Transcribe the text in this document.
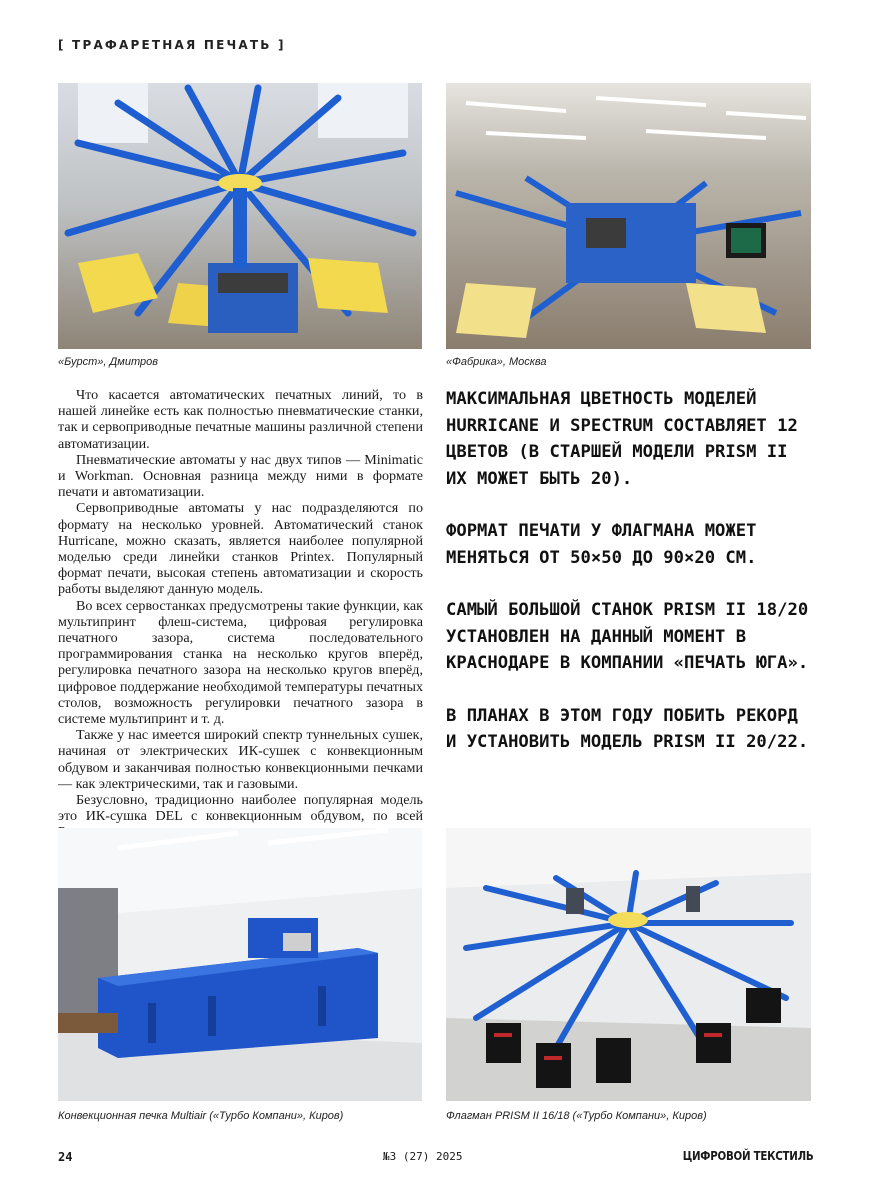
[ ТРАФАРЕТНАЯ ПЕЧАТЬ ]
«Бурст», Дмитров	«Фабрика», Москва

Что касается автоматических печатных линий, то в нашей линейке есть как полностью пневматические станки, так и сервоприводные печатные машины различной степени автоматизации.

Пневматические автоматы у нас двух типов — Minimatic и Workman. Основная разница между ними в формате печати и автоматизации.

Сервоприводные автоматы у нас подразделяются по формату на несколько уровней. Автоматический станок Hurricane, можно сказать, является наиболее популярной моделью среди линейки станков Printex. Популярный формат печати, высокая степень автоматизации и скорость работы выделяют данную модель.

Во всех сервостанках предусмотрены такие функции, как мультипринт флеш-система, цифровая регулировка печатного зазора, система последовательного программирования станка на несколько кругов вперёд, регулировка печатного зазора на несколько кругов вперёд, цифровое поддержание необходимой температуры печатных столов, возможность регулировки печатного зазора в системе мультипринт и т. д.

Также у нас имеется широкий спектр туннельных сушек, начиная от электрических ИК-сушек с конвекционным обдувом и заканчивая полностью конвекционными печками — как электрическими, так и газовыми.

Безусловно, традиционно наиболее популярная модель это ИК-сушка DEL с конвекционным обдувом, по всей

МАКСИМАЛЬНАЯ ЦВЕТНОСТЬ МОДЕЛЕЙ HURRICANE И SPECTRUM СОСТАВЛЯЕТ 12 ЦВЕТОВ (В СТАРШЕЙ МОДЕЛИ PRISM II ИХ МОЖЕТ БЫТЬ 20).

ФОРМАТ ПЕЧАТИ У ФЛАГМАНА МОЖЕТ МЕНЯТЬСЯ ОТ 50×50 ДО 90×20 СМ.

САМЫЙ БОЛЬШОЙ СТАНОК PRISM II 18/20 УСТАНОВЛЕН НА ДАННЫЙ МОМЕНТ В КРАСНОДАРЕ В КОМПАНИИ «ПЕЧАТЬ ЮГА».

В ПЛАНАХ В ЭТОМ ГОДУ ПОБИТЬ РЕКОРД И УСТАНОВИТЬ МОДЕЛЬ PRISM II 20/22.

Конвекционная печка Multiair («Турбо Компани», Киров)	Флагман PRISM II 16/18 («Турбо Компани», Киров)
24	№3 (27) 2025	ЦИФРОВОЙ ТЕКСТИЛЬ
